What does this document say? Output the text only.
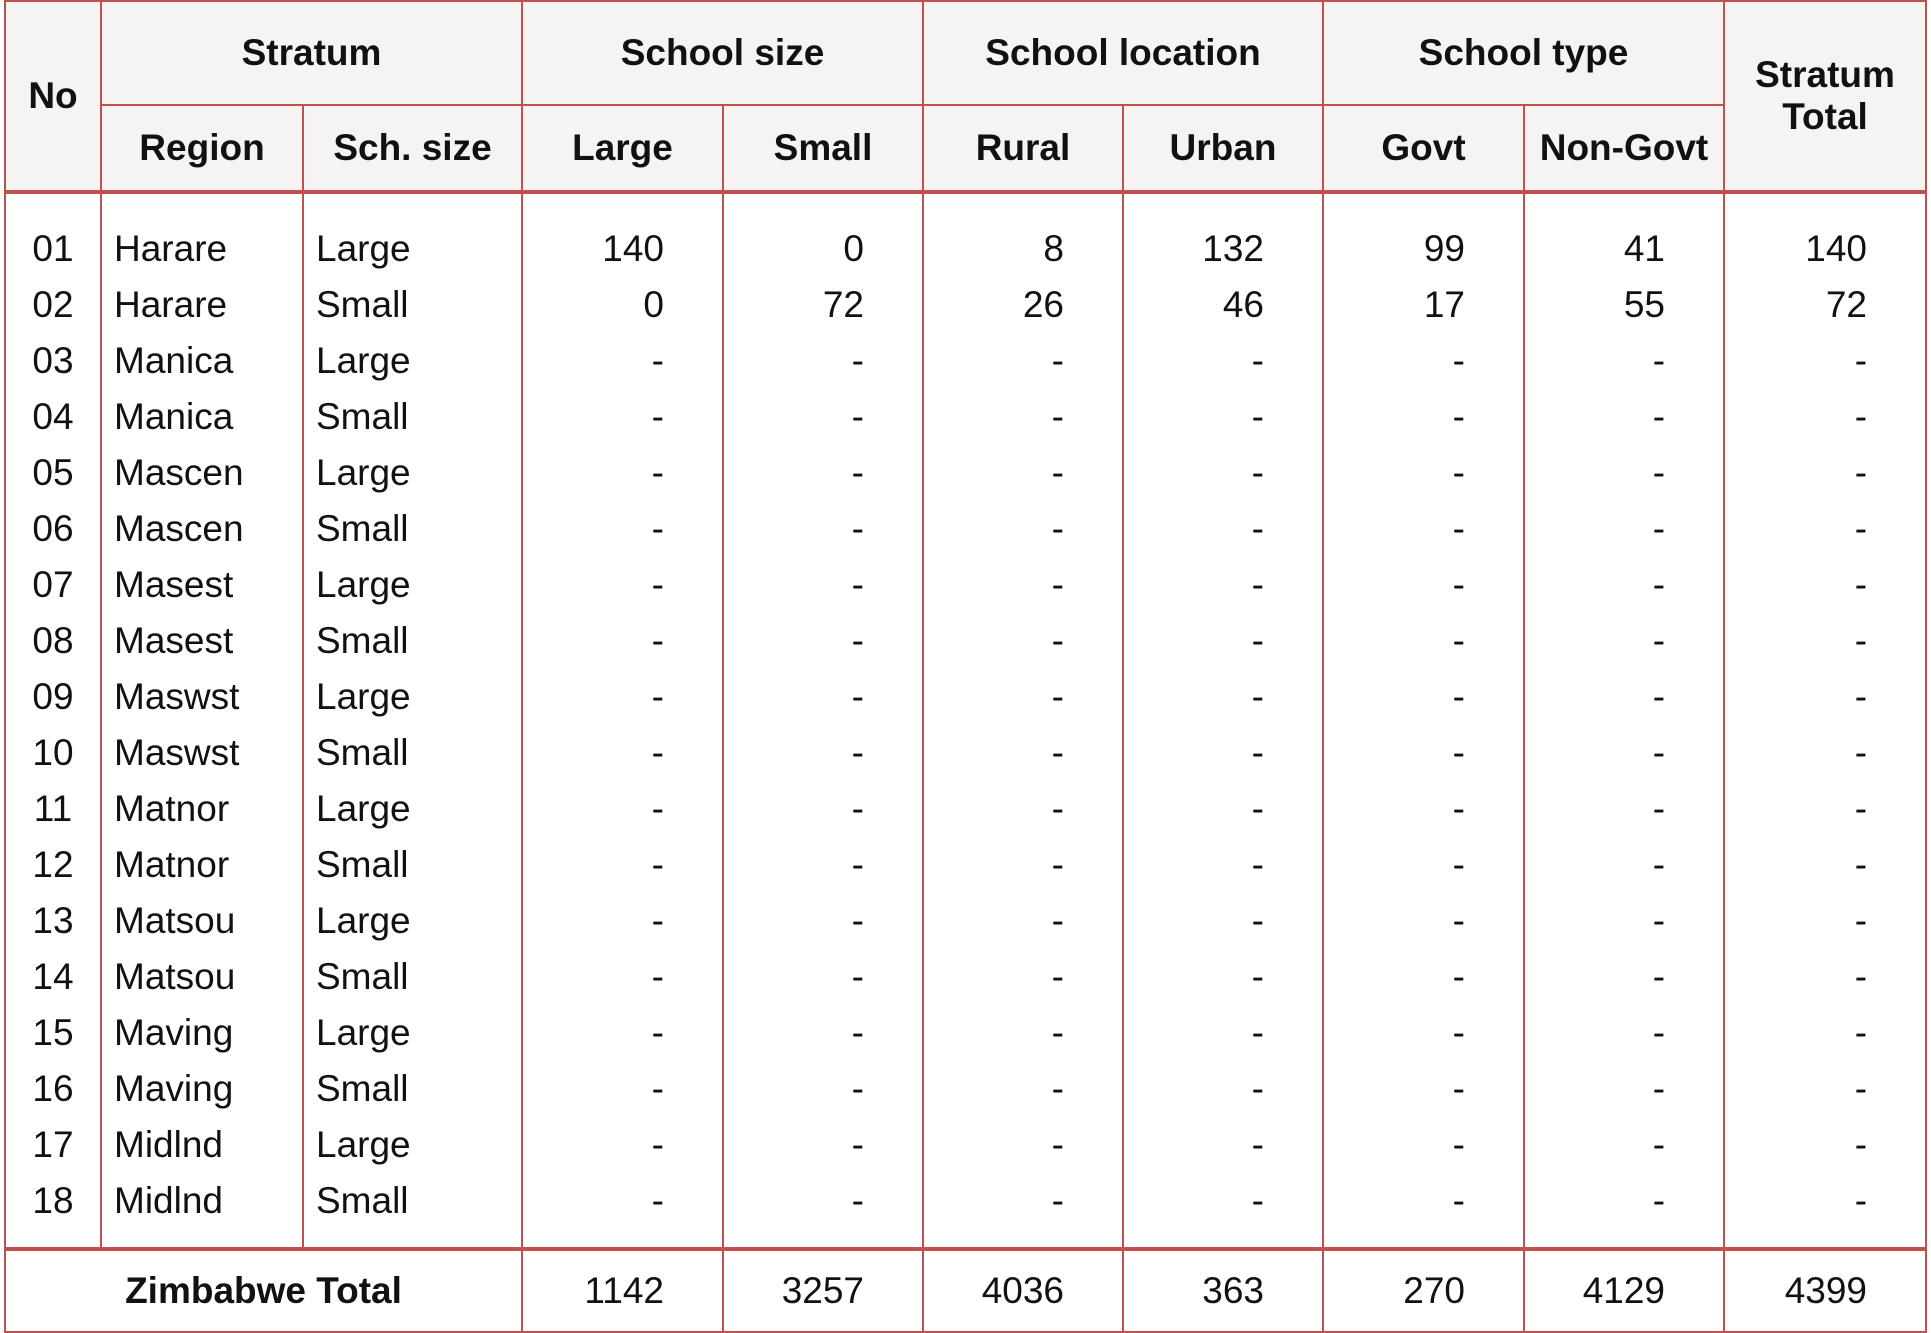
No	Stratum		School size		School location		School type		Stratum Total
	Region	Sch. size	Large	Small	Rural	Urban	Govt	Non-Govt	
01	Harare	Large	140	0	8	132	99	41	140
02	Harare	Small	0	72	26	46	17	55	72
03	Manica	Large	-	-	-	-	-	-	-
04	Manica	Small	-	-	-	-	-	-	-
05	Mascen	Large	-	-	-	-	-	-	-
06	Mascen	Small	-	-	-	-	-	-	-
07	Masest	Large	-	-	-	-	-	-	-
08	Masest	Small	-	-	-	-	-	-	-
09	Maswst	Large	-	-	-	-	-	-	-
10	Maswst	Small	-	-	-	-	-	-	-
11	Matnor	Large	-	-	-	-	-	-	-
12	Matnor	Small	-	-	-	-	-	-	-
13	Matsou	Large	-	-	-	-	-	-	-
14	Matsou	Small	-	-	-	-	-	-	-
15	Maving	Large	-	-	-	-	-	-	-
16	Maving	Small	-	-	-	-	-	-	-
17	Midlnd	Large	-	-	-	-	-	-	-
18	Midlnd	Small	-	-	-	-	-	-	-
Zimbabwe Total			1142	3257	4036	363	270	4129	4399
